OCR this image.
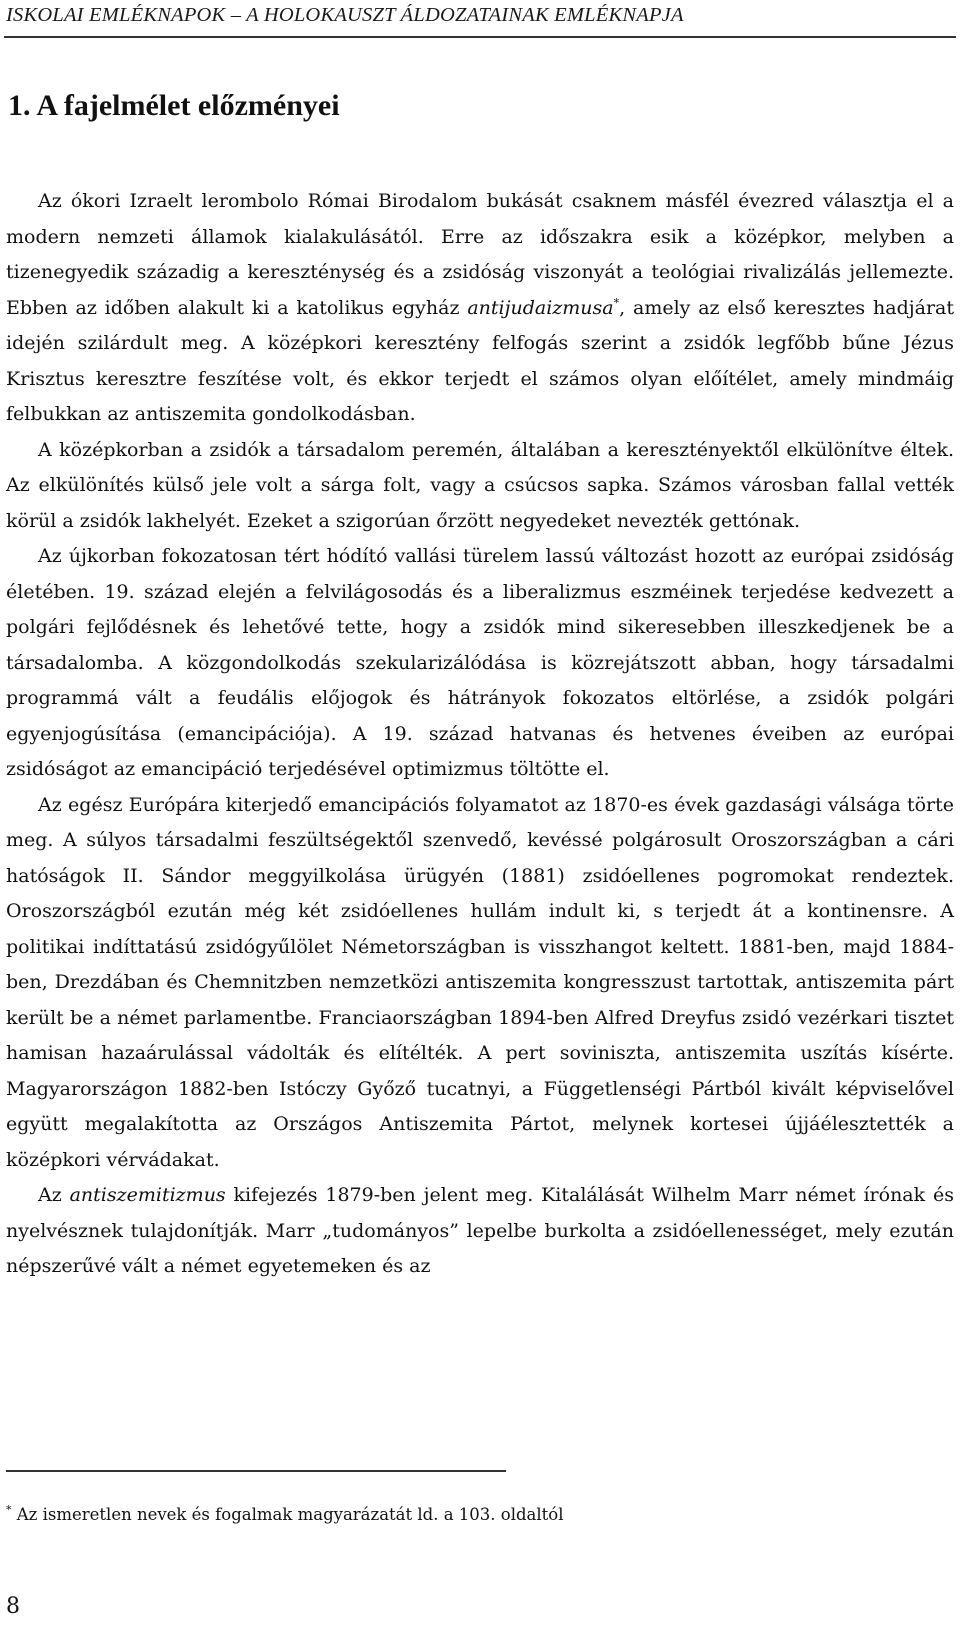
ISKOLAI EMLÉKNAPOK – A HOLOKAUSZT ÁLDOZATAINAK EMLÉKNAPJA
1. A fajelmélet előzményei

Az ókori Izraelt lerombolo Római Birodalom bukását csaknem másfél évezred választja el a modern nemzeti államok kialakulásától. Erre az időszakra esik a középkor, melyben a tizenegyedik századig a kereszténység és a zsidóság viszonyát a teológiai rivalizálás jellemezte. Ebben az időben alakult ki a katolikus egyház antijudaizmusa*, amely az első keresztes hadjárat idején szilárdult meg. A középkori keresztény felfogás szerint a zsidók legfőbb bűne Jézus Krisztus keresztre feszítése volt, és ekkor terjedt el számos olyan előítélet, amely mindmáig felbukkan az antiszemita gondolkodásban.

A középkorban a zsidók a társadalom peremén, általában a keresztényektől elkülönítve éltek. Az elkülönítés külső jele volt a sárga folt, vagy a csúcsos sapka. Számos városban fallal vették körül a zsidók lakhelyét. Ezeket a szigorúan őrzött negyedeket nevezték gettónak.

Az újkorban fokozatosan tért hódító vallási türelem lassú változást hozott az európai zsidóság életében. 19. század elején a felvilágosodás és a liberalizmus eszméinek terjedése kedvezett a polgári fejlődésnek és lehetővé tette, hogy a zsidók mind sikeresebben illeszkedjenek be a társadalomba. A közgondolkodás szekularizálódása is közrejátszott abban, hogy társadalmi programmá vált a feudális előjogok és hátrányok fokozatos eltörlése, a zsidók polgári egyenjogúsítása (emancipációja). A 19. század hatvanas és hetvenes éveiben az európai zsidóságot az emancipáció terjedésével optimizmus töltötte el.

Az egész Európára kiterjedő emancipációs folyamatot az 1870-es évek gazdasági válsága törte meg. A súlyos társadalmi feszültségektől szenvedő, kevéssé polgárosult Oroszországban a cári hatóságok II. Sándor meggyilkolása ürügyén (1881) zsidóellenes pogromokat rendeztek. Oroszországból ezután még két zsidóellenes hullám indult ki, s terjedt át a kontinensre. A politikai indíttatású zsidógyűlölet Németországban is visszhangot keltett. 1881-ben, majd 1884-ben, Drezdában és Chemnitzben nemzetközi antiszemita kongresszust tartottak, antiszemita párt került be a német parlamentbe. Franciaországban 1894-ben Alfred Dreyfus zsidó vezérkari tisztet hamisan hazaárulással vádolták és elítélték. A pert soviniszta, antiszemita uszítás kísérte. Magyarországon 1882-ben Istóczy Győző tucatnyi, a Függetlenségi Pártból kivált képviselővel együtt megalakította az Országos Antiszemita Pártot, melynek kortesei újjáélesztették a középkori vérvádakat.

Az antiszemitizmus kifejezés 1879-ben jelent meg. Kitalálását Wilhelm Marr német írónak és nyelvésznek tulajdonítják. Marr „tudományos” lepelbe burkolta a zsidóellenességet, mely ezután népszerűvé vált a német egyetemeken és az

* Az ismeretlen nevek és fogalmak magyarázatát ld. a 103. oldaltól
8
